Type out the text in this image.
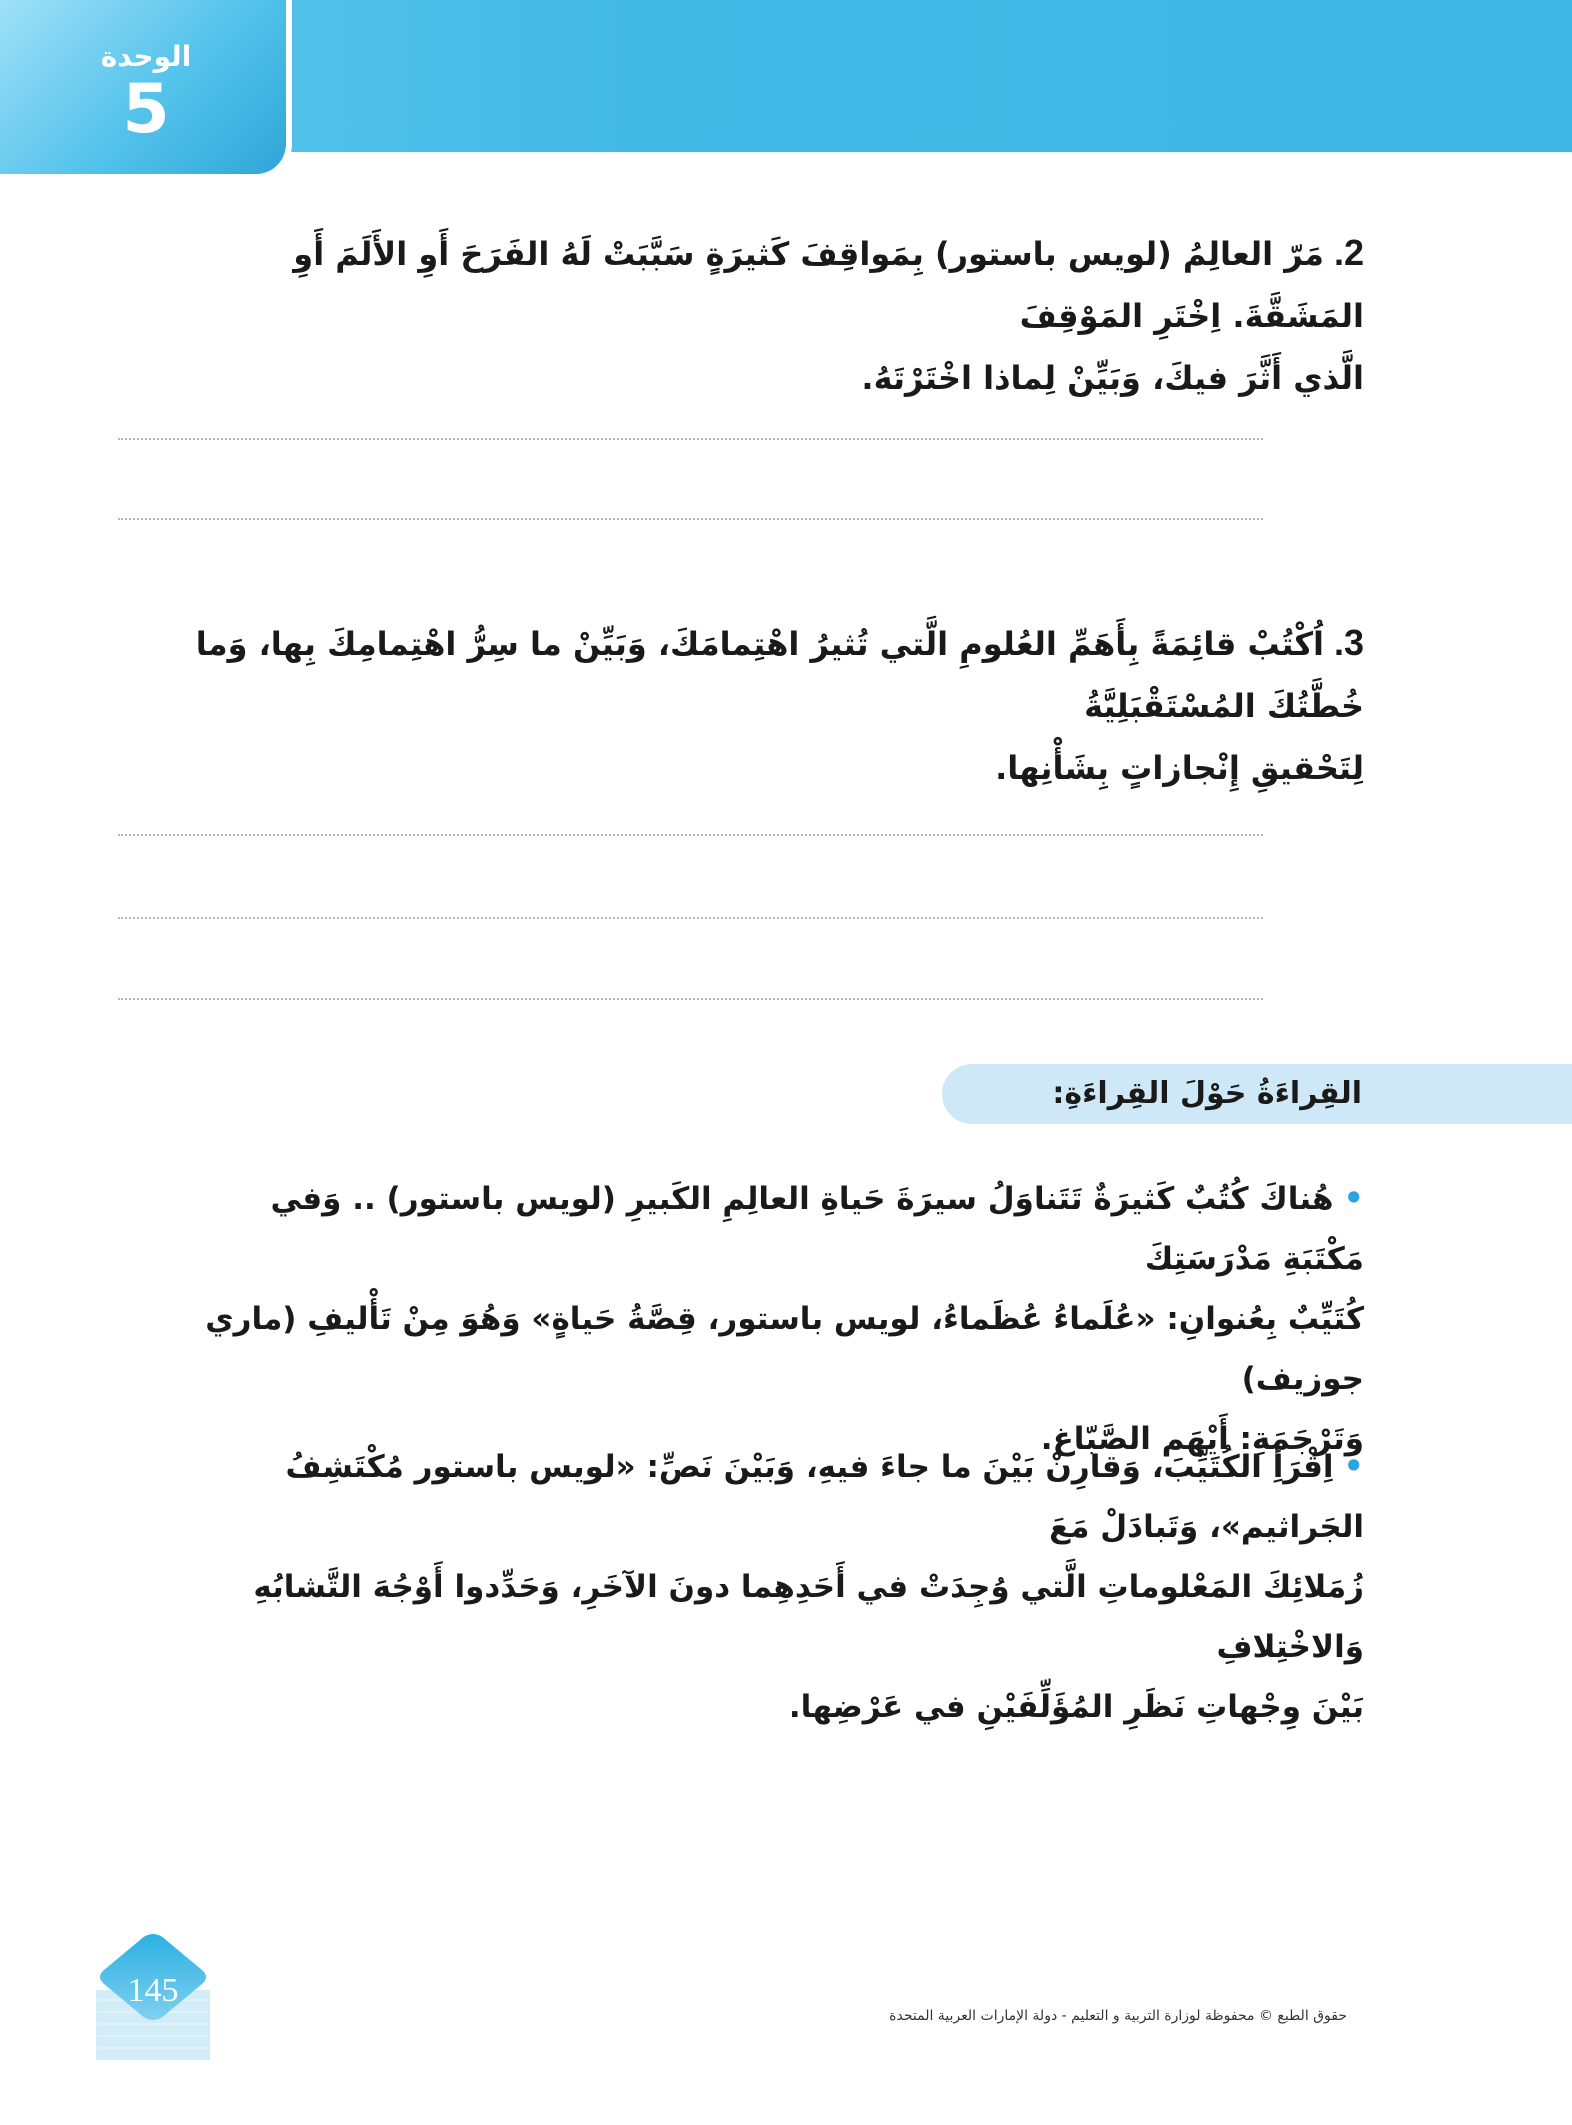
الوحدة
5
2.مَرّ العالِمُ (لويس باستور) بِمَواقِفَ كَثيرَةٍ سَبَّبَتْ لَهُ الفَرَحَ أَوِ الأَلَمَ أَوِ المَشَقَّةَ. اِخْتَرِ المَوْقِفَ
الَّذي أَثَّرَ فيكَ، وَبَيِّنْ لِماذا اخْتَرْتَهُ.
3.اُكْتُبْ قائِمَةً بِأَهَمِّ العُلومِ الَّتي تُثيرُ اهْتِمامَكَ، وَبَيِّنْ ما سِرُّ اهْتِمامِكَ بِها، وَما خُطَّتُكَ المُسْتَقْبَلِيَّةُ
لِتَحْقيقِ إِنْجازاتٍ بِشَأْنِها.
القِراءَةُ حَوْلَ القِراءَةِ:
•هُناكَ كُتُبٌ كَثيرَةٌ تَتَناوَلُ سيرَةَ حَياةِ العالِمِ الكَبيرِ (لويس باستور) .. وَفي مَكْتَبَةِ مَدْرَسَتِكَ
كُتَيِّبٌ بِعُنوانِ: «عُلَماءُ عُظَماءُ، لويس باستور، قِصَّةُ حَياةٍ» وَهُوَ مِنْ تَأْليفِ (ماري جوزيف)
وَتَرْجَمَةِ: أَيْهَم الصَّبّاغ.
•اِقْرَأِ الكُتَيِّبَ، وَقارِنْ بَيْنَ ما جاءَ فيهِ، وَبَيْنَ نَصِّ: «لويس باستور مُكْتَشِفُ الجَراثيم»، وَتَبادَلْ مَعَ
زُمَلائِكَ المَعْلوماتِ الَّتي وُجِدَتْ في أَحَدِهِما دونَ الآخَرِ، وَحَدِّدوا أَوْجُهَ التَّشابُهِ وَالاخْتِلافِ
بَيْنَ وِجْهاتِ نَظَرِ المُؤَلِّفَيْنِ في عَرْضِها.
145
حقوق الطبع © محفوظة لوزارة التربية و التعليم - دولة الإمارات العربية المتحدة
